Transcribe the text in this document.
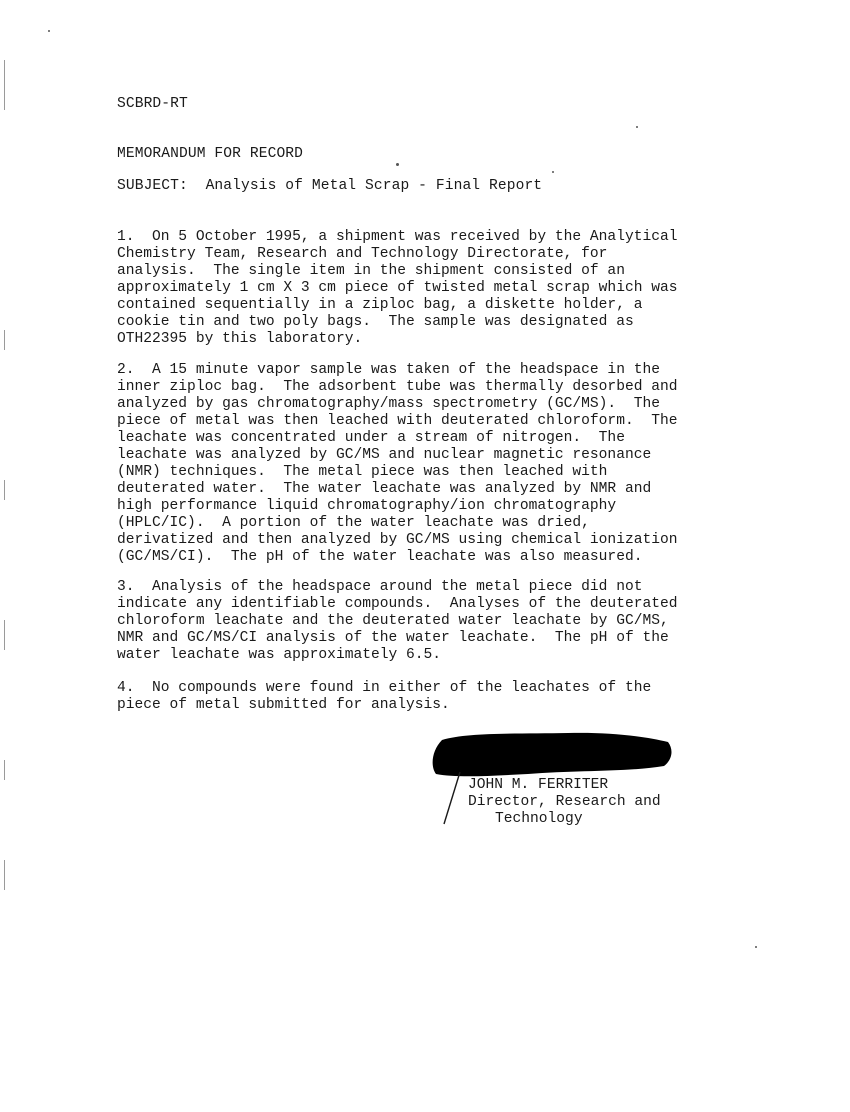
SCBRD-RT
MEMORANDUM FOR RECORD
SUBJECT:  Analysis of Metal Scrap - Final Report
1.  On 5 October 1995, a shipment was received by the Analytical
Chemistry Team, Research and Technology Directorate, for
analysis.  The single item in the shipment consisted of an
approximately 1 cm X 3 cm piece of twisted metal scrap which was
contained sequentially in a ziploc bag, a diskette holder, a
cookie tin and two poly bags.  The sample was designated as
OTH22395 by this laboratory.
2.  A 15 minute vapor sample was taken of the headspace in the
inner ziploc bag.  The adsorbent tube was thermally desorbed and
analyzed by gas chromatography/mass spectrometry (GC/MS).  The
piece of metal was then leached with deuterated chloroform.  The
leachate was concentrated under a stream of nitrogen.  The
leachate was analyzed by GC/MS and nuclear magnetic resonance
(NMR) techniques.  The metal piece was then leached with
deuterated water.  The water leachate was analyzed by NMR and
high performance liquid chromatography/ion chromatography
(HPLC/IC).  A portion of the water leachate was dried,
derivatized and then analyzed by GC/MS using chemical ionization
(GC/MS/CI).  The pH of the water leachate was also measured.
3.  Analysis of the headspace around the metal piece did not
indicate any identifiable compounds.  Analyses of the deuterated
chloroform leachate and the deuterated water leachate by GC/MS,
NMR and GC/MS/CI analysis of the water leachate.  The pH of the
water leachate was approximately 6.5.
4.  No compounds were found in either of the leachates of the
piece of metal submitted for analysis.
JOHN M. FERRITER
Director, Research and
Technology
